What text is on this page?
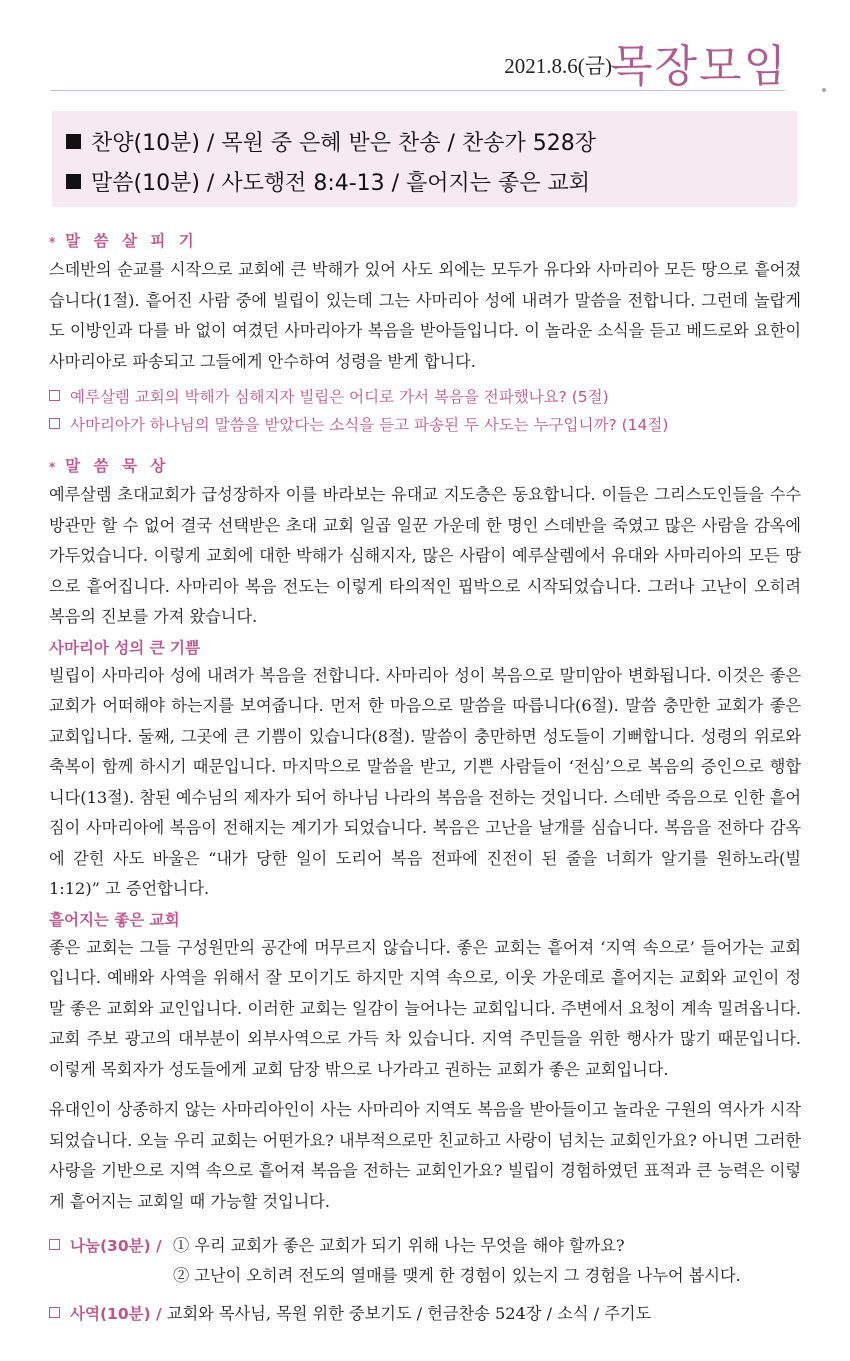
2021.8.6(금)
목장모임
찬양(10분) / 목원 중 은혜 받은 찬송 / 찬송가 528장
말씀(10분) / 사도행전 8:4-13 / 흩어지는 좋은 교회
* 말 씀 살 피 기

스데반의 순교를 시작으로 교회에 큰 박해가 있어 사도 외에는 모두가 유다와 사마리아 모든 땅으로 흩어졌습니다(1절). 흩어진 사람 중에 빌립이 있는데 그는 사마리아 성에 내려가 말씀을 전합니다. 그런데 놀랍게도 이방인과 다를 바 없이 여겼던 사마리아가 복음을 받아들입니다. 이 놀라운 소식을 듣고 베드로와 요한이 사마리아로 파송되고 그들에게 안수하여 성령을 받게 합니다.

예루살렘 교회의 박해가 심해지자 빌립은 어디로 가서 복음을 전파했나요? (5절)

사마리아가 하나님의 말씀을 받았다는 소식을 듣고 파송된 두 사도는 누구입니까? (14절)

* 말 씀 묵 상

예루살렘 초대교회가 급성장하자 이를 바라보는 유대교 지도층은 동요합니다. 이들은 그리스도인들을 수수방관만 할 수 없어 결국 선택받은 초대 교회 일곱 일꾼 가운데 한 명인 스데반을 죽였고 많은 사람을 감옥에 가두었습니다. 이렇게 교회에 대한 박해가 심해지자, 많은 사람이 예루살렘에서 유대와 사마리아의 모든 땅으로 흩어집니다. 사마리아 복음 전도는 이렇게 타의적인 핍박으로 시작되었습니다. 그러나 고난이 오히려 복음의 진보를 가져 왔습니다.

사마리아 성의 큰 기쁨

빌립이 사마리아 성에 내려가 복음을 전합니다. 사마리아 성이 복음으로 말미암아 변화됩니다. 이것은 좋은 교회가 어떠해야 하는지를 보여줍니다. 먼저 한 마음으로 말씀을 따릅니다(6절). 말씀 충만한 교회가 좋은 교회입니다. 둘째, 그곳에 큰 기쁨이 있습니다(8절). 말씀이 충만하면 성도들이 기뻐합니다. 성령의 위로와 축복이 함께 하시기 때문입니다. 마지막으로 말씀을 받고, 기쁜 사람들이 ‘전심’으로 복음의 증인으로 행합니다(13절). 참된 예수님의 제자가 되어 하나님 나라의 복음을 전하는 것입니다. 스데반 죽음으로 인한 흩어짐이 사마리아에 복음이 전해지는 계기가 되었습니다. 복음은 고난을 날개를 심습니다. 복음을 전하다 감옥에 갇힌 사도 바울은 “내가 당한 일이 도리어 복음 전파에 진전이 된 줄을 너희가 알기를 원하노라(빌 1:12)” 고 증언합니다.

흩어지는 좋은 교회

좋은 교회는 그들 구성원만의 공간에 머무르지 않습니다. 좋은 교회는 흩어져 ‘지역 속으로’ 들어가는 교회입니다. 예배와 사역을 위해서 잘 모이기도 하지만 지역 속으로, 이웃 가운데로 흩어지는 교회와 교인이 정말 좋은 교회와 교인입니다. 이러한 교회는 일감이 늘어나는 교회입니다. 주변에서 요청이 계속 밀려옵니다. 교회 주보 광고의 대부분이 외부사역으로 가득 차 있습니다. 지역 주민들을 위한 행사가 많기 때문입니다. 이렇게 목회자가 성도들에게 교회 담장 밖으로 나가라고 권하는 교회가 좋은 교회입니다.

유대인이 상종하지 않는 사마리아인이 사는 사마리아 지역도 복음을 받아들이고 놀라운 구원의 역사가 시작되었습니다. 오늘 우리 교회는 어떤가요? 내부적으로만 친교하고 사랑이 넘치는 교회인가요? 아니면 그러한 사랑을 기반으로 지역 속으로 흩어져 복음을 전하는 교회인가요? 빌립이 경험하였던 표적과 큰 능력은 이렇게 흩어지는 교회일 때 가능할 것입니다.

나눔(30분) / ① 우리 교회가 좋은 교회가 되기 위해 나는 무엇을 해야 할까요?
② 고난이 오히려 전도의 열매를 맺게 한 경험이 있는지 그 경험을 나누어 봅시다.
사역(10분) / 교회와 목사님, 목원 위한 중보기도 / 헌금찬송 524장 / 소식 / 주기도
